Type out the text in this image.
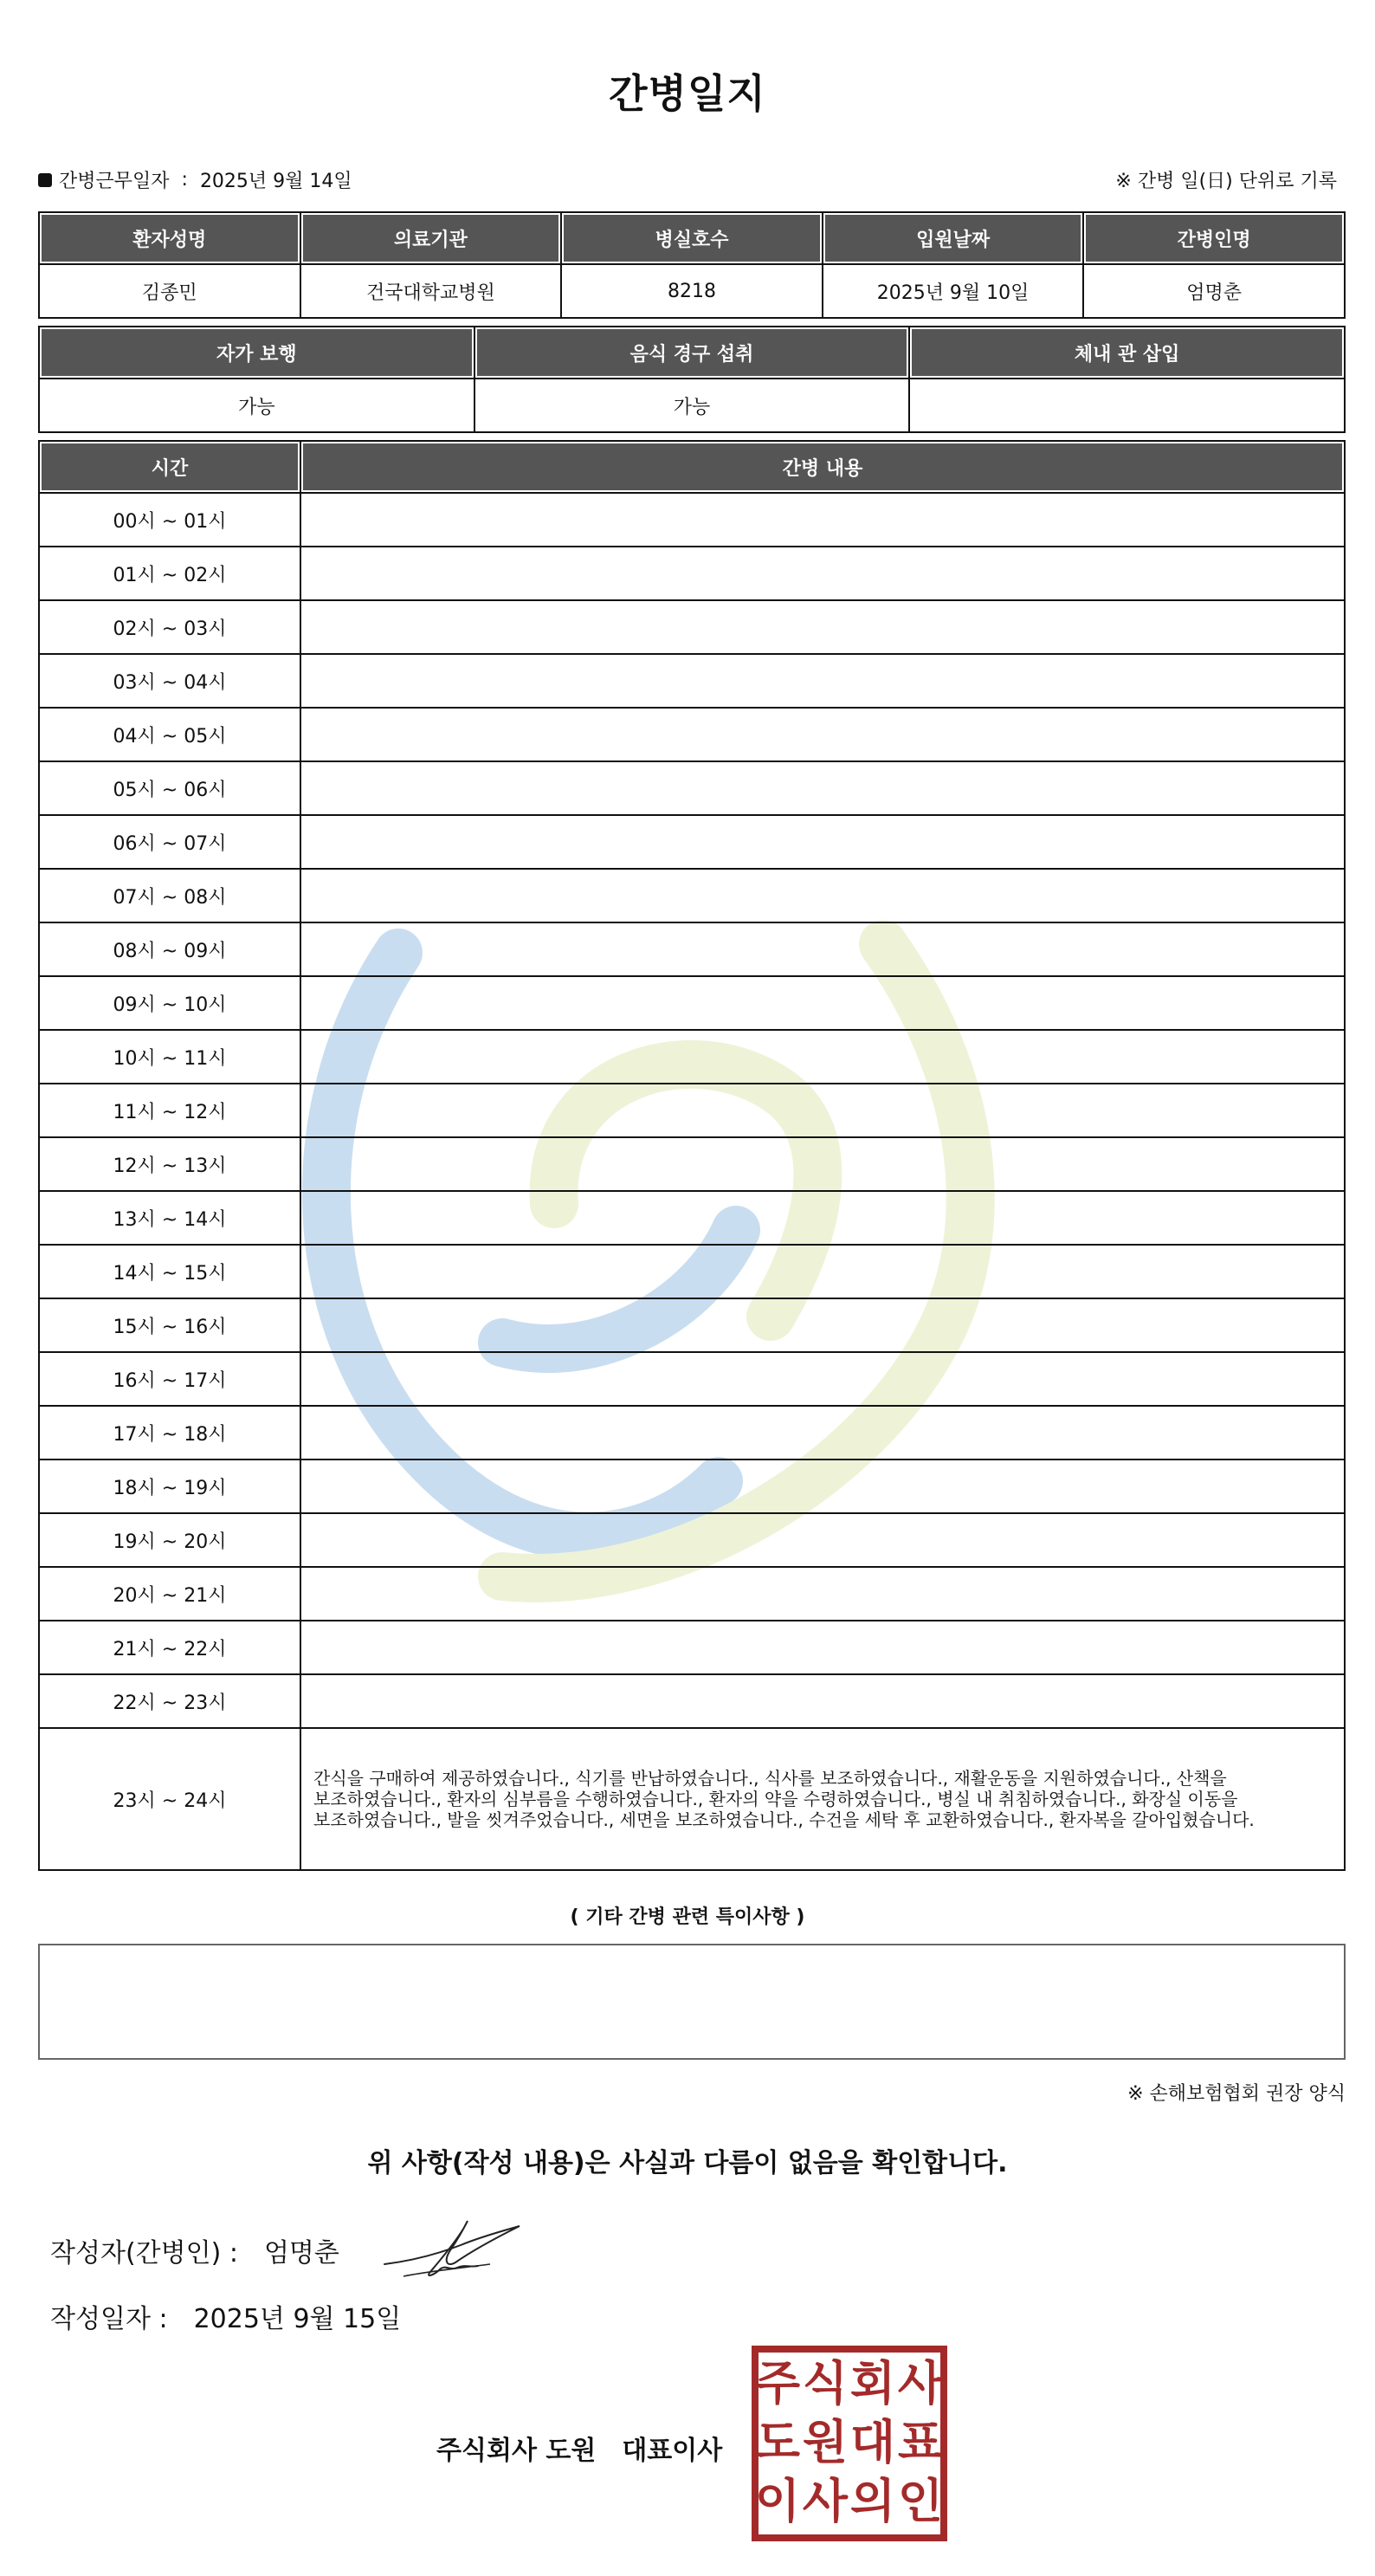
간병일지
간병근무일자 : 2025년 9월 14일	※ 간병 일(日) 단위로 기록
환자성명	의료기관	병실호수	입원날짜	간병인명
김종민	건국대학교병원	8218	2025년 9월 10일	엄명춘
자가 보행	음식 경구 섭취	체내 관 삽입
가능	가능	
시간	간병 내용
00시 ~ 01시	
01시 ~ 02시	
02시 ~ 03시	
03시 ~ 04시	
04시 ~ 05시	
05시 ~ 06시	
06시 ~ 07시	
07시 ~ 08시	
08시 ~ 09시	
09시 ~ 10시	
10시 ~ 11시	
11시 ~ 12시	
12시 ~ 13시	
13시 ~ 14시	
14시 ~ 15시	
15시 ~ 16시	
16시 ~ 17시	
17시 ~ 18시	
18시 ~ 19시	
19시 ~ 20시	
20시 ~ 21시	
21시 ~ 22시	
22시 ~ 23시	
23시 ~ 24시	간식을 구매하여 제공하였습니다., 식기를 반납하였습니다., 식사를 보조하였습니다., 재활운동을 지원하였습니다., 산책을 보조하였습니다., 환자의 심부름을 수행하였습니다., 환자의 약을 수령하였습니다., 병실 내 취침하였습니다., 화장실 이동을 보조하였습니다., 발을 씻겨주었습니다., 세면을 보조하였습니다., 수건을 세탁 후 교환하였습니다., 환자복을 갈아입혔습니다.
( 기타 간병 관련 특이사항 )
※ 손해보험협회 권장 양식
위 사항(작성 내용)은 사실과 다름이 없음을 확인합니다.
작성자(간병인) : 엄명춘
작성일자 : 2025년 9월 15일
주식회사 도원 대표이사
주 식 회 사
도 원 대 표
이 사 의 인
